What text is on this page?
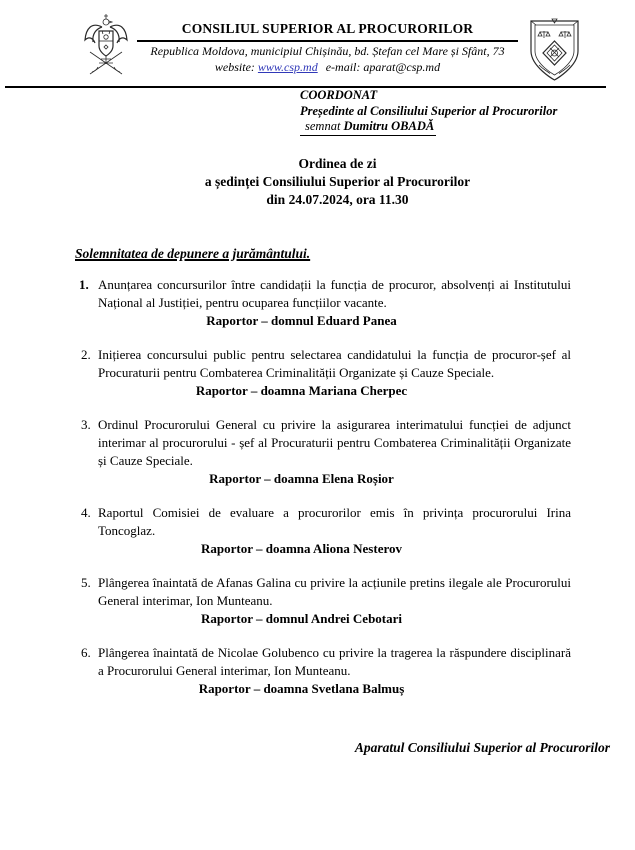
CONSILIUL SUPERIOR AL PROCURORILOR
Republica Moldova, municipiul Chișinău, bd. Ștefan cel Mare și Sfânt, 73
website: www.csp.md e-mail: aparat@csp.md
COORDONAT
Președinte al Consiliului Superior al Procurorilor
semnat Dumitru OBADĂ
Ordinea de zi
a ședinței Consiliului Superior al Procurorilor
din 24.07.2024, ora 11.30
Solemnitatea de depunere a jurământului.
1. Anunțarea concursurilor între candidații la funcția de procuror, absolvenți ai Institutului Național al Justiției, pentru ocuparea funcțiilor vacante.
Raportor – domnul Eduard Panea
2. Inițierea concursului public pentru selectarea candidatului la funcția de procuror-șef al Procuraturii pentru Combaterea Criminalității Organizate și Cauze Speciale.
Raportor – doamna Mariana Cherpec
3. Ordinul Procurorului General cu privire la asigurarea interimatului funcției de adjunct interimar al procurorului - șef al Procuraturii pentru Combaterea Criminalității Organizate și Cauze Speciale.
Raportor – doamna Elena Roșior
4. Raportul Comisiei de evaluare a procurorilor emis în privința procurorului Irina Toncoglaz.
Raportor – doamna Aliona Nesterov
5. Plângerea înaintată de Afanas Galina cu privire la acțiunile pretins ilegale ale Procurorului General interimar, Ion Munteanu.
Raportor – domnul Andrei Cebotari
6. Plângerea înaintată de Nicolae Golubenco cu privire la tragerea la răspundere disciplinară a Procurorului General interimar, Ion Munteanu.
Raportor – doamna Svetlana Balmuș
Aparatul Consiliului Superior al Procurorilor
